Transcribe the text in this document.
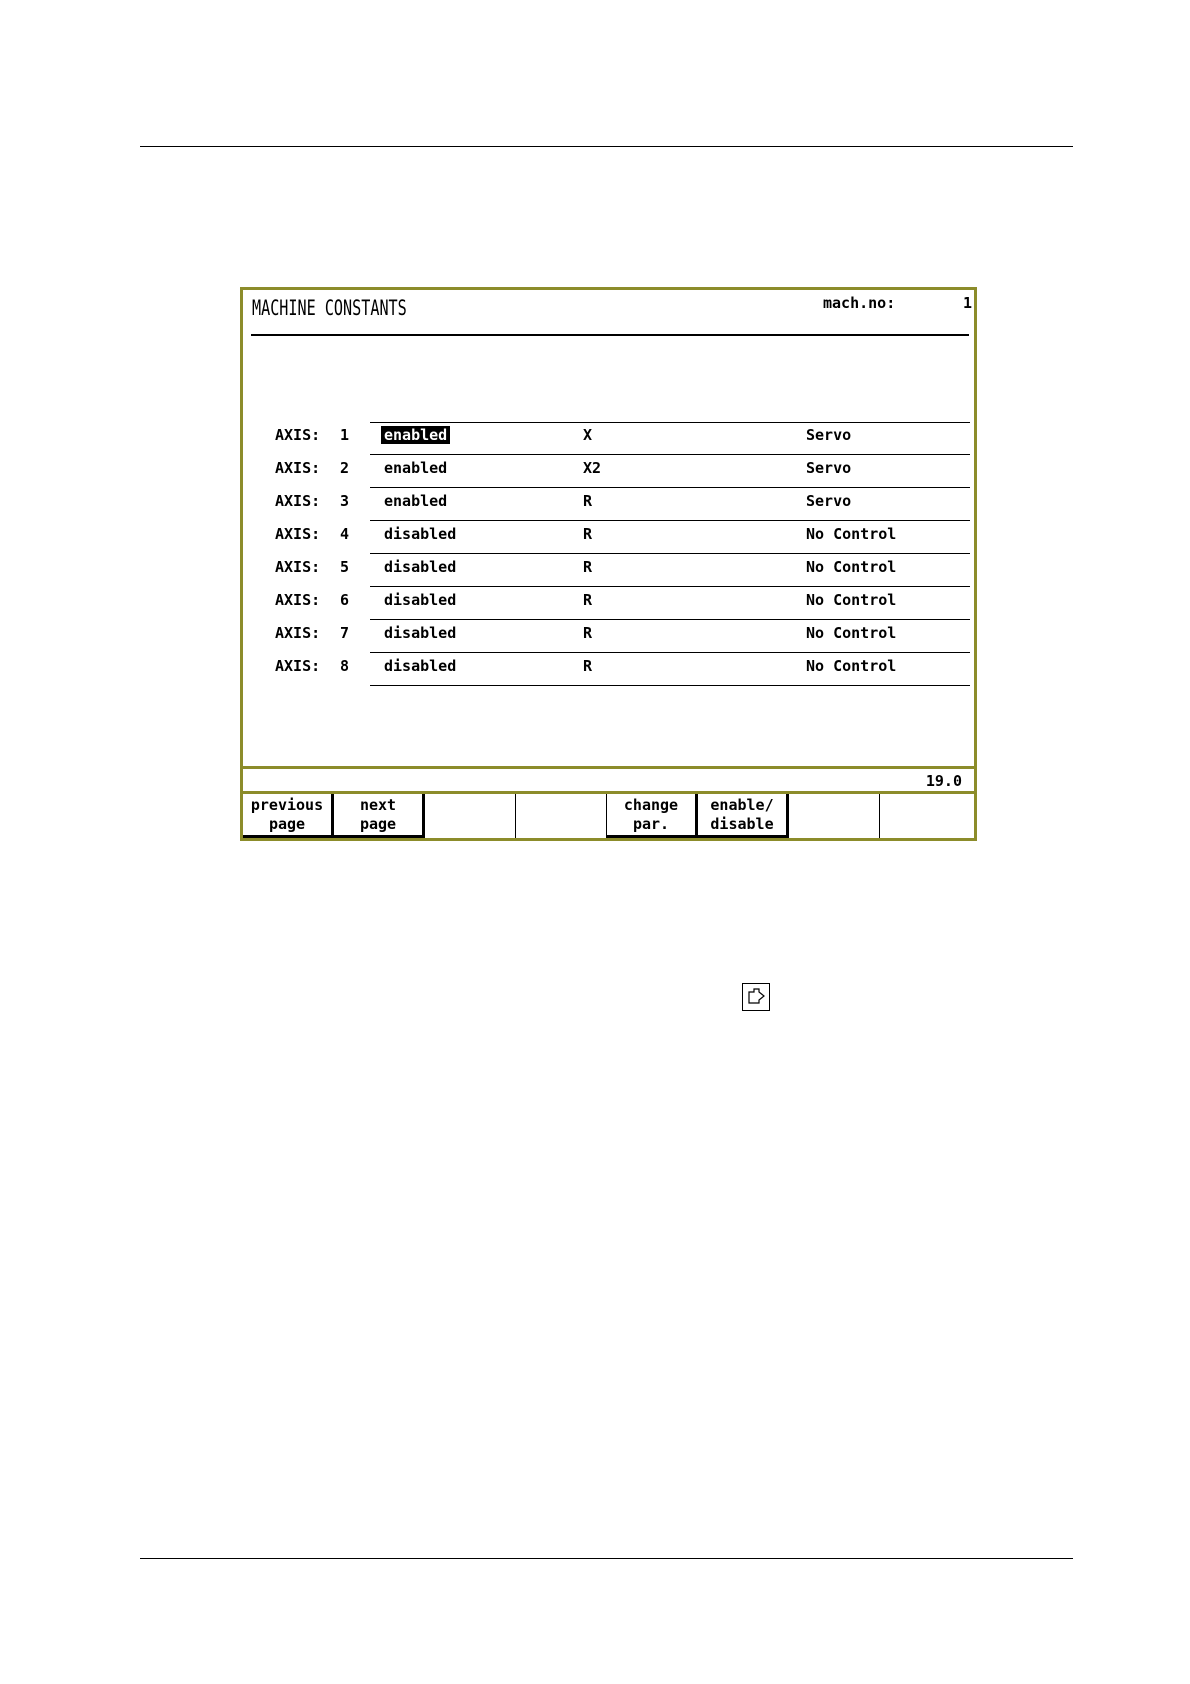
MACHINE CONSTANTS	mach.no:	1
AXIS: 1 enabled	X	Servo
AXIS: 2 enabled	X2	Servo
AXIS: 3 enabled	R	Servo
AXIS: 4 disabled	R	No Control
AXIS: 5 disabled	R	No Control
AXIS: 6 disabled	R	No Control
AXIS: 7 disabled	R	No Control
AXIS: 8 disabled	R	No Control
19.0
previous
page
next
page
change
par.
enable/
disable
